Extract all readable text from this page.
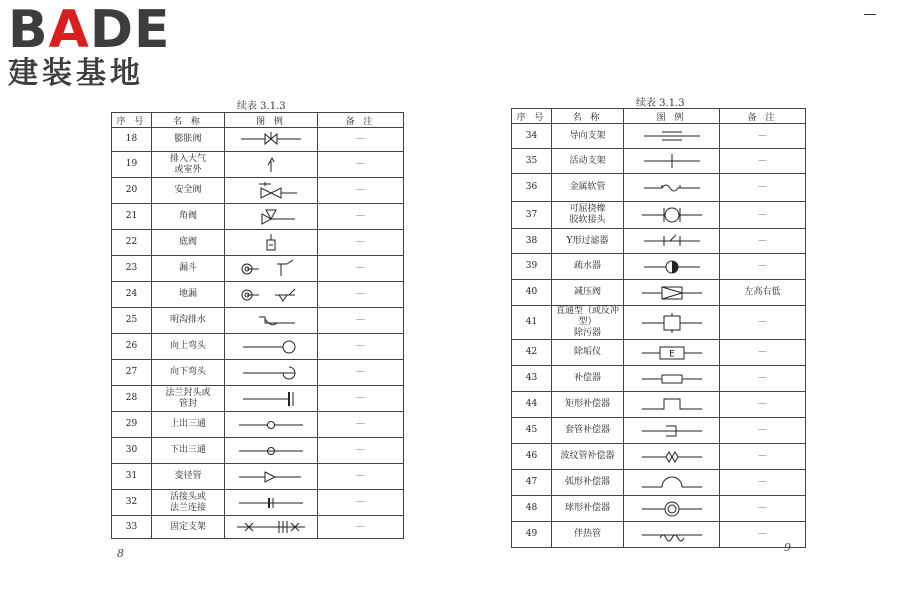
BADE
建装基地
续表 3.1.3
序 号	名 称	图 例	备 注
18	膨胀阀		—
19	排入大气
或室外		—
20	安全阀		—
21	角阀		—
22	底阀		—
23	漏斗		—
24	地漏		—
25	明沟排水		—
26	向上弯头		—
27	向下弯头		—
28	法兰封头或
管封		—
29	上出三通		—
30	下出三通		—
31	变径管		—
32	活接头或
法兰连接		—
33	固定支架		—
8
续表 3.1.3
序 号	名 称	图 例	备 注
34	导向支架		—
35	活动支架		—
36	金属软管		—
37	可屈挠橡
胶软接头		—
38	Y形过滤器		—
39	疏水器		—
40	减压阀		左高右低
41	直通型（或反冲型）
除污器		—
42	除垢仪	E	—
43	补偿器		—
44	矩形补偿器		—
45	套管补偿器		—
46	波纹管补偿器		—
47	弧形补偿器		—
48	球形补偿器		—
49	伴热管		—
9
